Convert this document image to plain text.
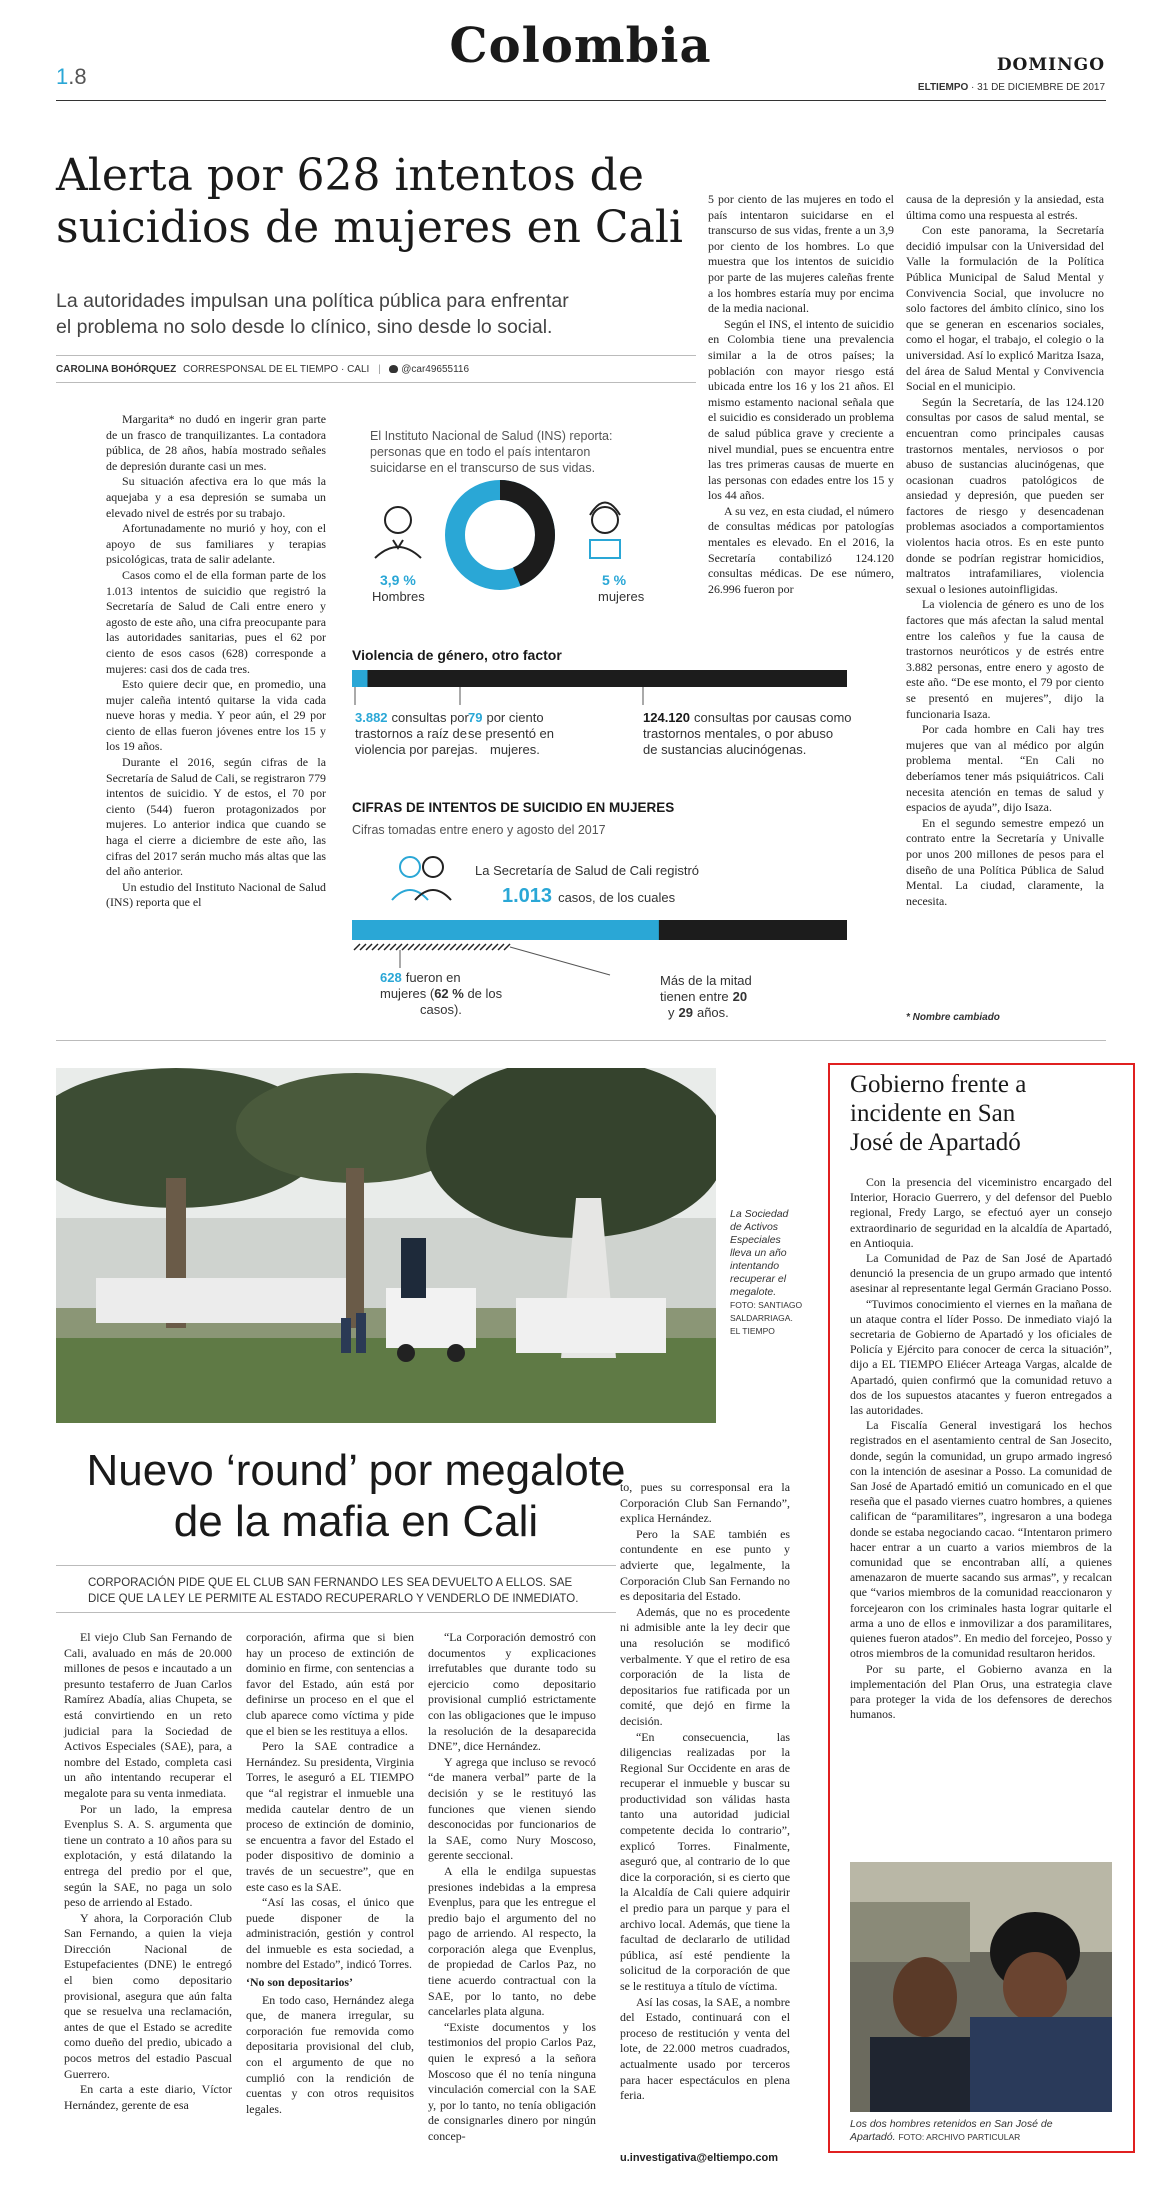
1.8
Colombia	DOMINGO
ELTIEMPO · 31 DE DICIEMBRE DE 2017
Alerta por 628 intentos de
suicidios de mujeres en Cali
La autoridades impulsan una política pública para enfrentar
el problema no solo desde lo clínico, sino desde lo social.
CAROLINA BOHÓRQUEZ CORRESPONSAL DE EL TIEMPO · CALI | @car49655116

Margarita* no dudó en ingerir gran parte de un frasco de tranquilizantes. La contadora pública, de 28 años, había mostrado señales de depresión durante casi un mes.

Su situación afectiva era lo que más la aquejaba y a esa depresión se sumaba un elevado nivel de estrés por su trabajo.

Afortunadamente no murió y hoy, con el apoyo de sus familiares y terapias psicológicas, trata de salir adelante.

Casos como el de ella forman parte de los 1.013 intentos de suicidio que registró la Secretaría de Salud de Cali entre enero y agosto de este año, una cifra preocupante para las autoridades sanitarias, pues el 62 por ciento de esos casos (628) corresponde a mujeres: casi dos de cada tres.

Esto quiere decir que, en promedio, una mujer caleña intentó quitarse la vida cada nueve horas y media. Y peor aún, el 29 por ciento de ellas fueron jóvenes entre los 15 y los 19 años.

Durante el 2016, según cifras de la Secretaría de Salud de Cali, se registraron 779 intentos de suicidio. Y de estos, el 70 por ciento (544) fueron protagonizados por mujeres. Lo anterior indica que cuando se haga el cierre a diciembre de este año, las cifras del 2017 serán mucho más altas que las del año anterior.

Un estudio del Instituto Nacional de Salud (INS) reporta que el

5 por ciento de las mujeres en todo el país intentaron suicidarse en el transcurso de sus vidas, frente a un 3,9 por ciento de los hombres. Lo que muestra que los intentos de suicidio por parte de las mujeres caleñas frente a los hombres estaría muy por encima de la media nacional.

Según el INS, el intento de suicidio en Colombia tiene una prevalencia similar a la de otros países; la población con mayor riesgo está ubicada entre los 16 y los 21 años. El mismo estamento nacional señala que el suicidio es considerado un problema de salud pública grave y creciente a nivel mundial, pues se encuentra entre las tres primeras causas de muerte en las personas con edades entre los 15 y los 44 años.

A su vez, en esta ciudad, el número de consultas médicas por patologías mentales es elevado. En el 2016, la Secretaría contabilizó 124.120 consultas médicas. De ese número, 26.996 fueron por

causa de la depresión y la ansiedad, esta última como una respuesta al estrés.

Con este panorama, la Secretaría decidió impulsar con la Universidad del Valle la formulación de la Política Pública Municipal de Salud Mental y Convivencia Social, que involucre no solo factores del ámbito clínico, sino los que se generan en escenarios sociales, como el hogar, el trabajo, el colegio o la universidad. Así lo explicó Maritza Isaza, del área de Salud Mental y Convivencia Social en el municipio.

Según la Secretaría, de las 124.120 consultas por casos de salud mental, se encuentran como principales causas trastornos mentales, nerviosos o por abuso de sustancias alucinógenas, que ocasionan cuadros patológicos de ansiedad y depresión, que pueden ser factores de riesgo y desencadenan problemas asociados a comportamientos violentos hacia otros. Es en este punto donde se podrían registrar homicidios, maltratos intrafamiliares, violencia sexual o lesiones autoinfligidas.

La violencia de género es uno de los factores que más afectan la salud mental entre los caleños y fue la causa de trastornos neuróticos y de estrés entre 3.882 personas, entre enero y agosto de este año. “De ese monto, el 79 por ciento se presentó en mujeres”, dijo la funcionaria Isaza.

Por cada hombre en Cali hay tres mujeres que van al médico por algún problema mental. “En Cali no deberíamos tener más psiquiátricos. Cali necesita atención en temas de salud y espacios de ayuda”, dijo Isaza.

En el segundo semestre empezó un contrato entre la Secretaría y Univalle por unos 200 millones de pesos para el diseño de una Política Pública de Salud Mental. La ciudad, claramente, la necesita.

* Nombre cambiado
El Instituto Nacional de Salud (INS) reporta:
personas que en todo el país intentaron
suicidarse en el transcurso de sus vidas.
3,9 %
Hombres
5 %
mujeres
Violencia de género, otro factor
3.882 consultas por
trastornos a raíz de
violencia por parejas.
79 por ciento
se presentó en
mujeres.
124.120 consultas por causas como
trastornos mentales, o por abuso
de sustancias alucinógenas.
CIFRAS DE INTENTOS DE SUICIDIO EN MUJERES
Cifras tomadas entre enero y agosto del 2017
La Secretaría de Salud de Cali registró
1.013 casos, de los cuales
628 fueron en
mujeres (62 % de los
casos).
Más de la mitad
tienen entre 20
y 29 años.
La Sociedad
de Activos
Especiales
lleva un año
intentando
recuperar el
megalote.
FOTO: SANTIAGO
SALDARRIAGA.
EL TIEMPO
Nuevo ‘round’ por megalote
de la mafia en Cali
CORPORACIÓN PIDE QUE EL CLUB SAN FERNANDO LES SEA DEVUELTO A ELLOS. SAE
DICE QUE LA LEY LE PERMITE AL ESTADO RECUPERARLO Y VENDERLO DE INMEDIATO.

El viejo Club San Fernando de Cali, avaluado en más de 20.000 millones de pesos e incautado a un presunto testaferro de Juan Carlos Ramírez Abadía, alias Chupeta, se está convirtiendo en un reto judicial para la Sociedad de Activos Especiales (SAE), para, a nombre del Estado, completa casi un año intentando recuperar el megalote para su venta inmediata.

Por un lado, la empresa Evenplus S. A. S. argumenta que tiene un contrato a 10 años para su explotación, y está dilatando la entrega del predio por el que, según la SAE, no paga un solo peso de arriendo al Estado.

Y ahora, la Corporación Club San Fernando, a quien la vieja Dirección Nacional de Estupefacientes (DNE) le entregó el bien como depositario provisional, asegura que aún falta que se resuelva una reclamación, antes de que el Estado se acredite como dueño del predio, ubicado a pocos metros del estadio Pascual Guerrero.

En carta a este diario, Víctor Hernández, gerente de esa

corporación, afirma que si bien hay un proceso de extinción de dominio en firme, con sentencias a favor del Estado, aún está por definirse un proceso en el que el club aparece como víctima y pide que el bien se les restituya a ellos.

Pero la SAE contradice a Hernández. Su presidenta, Virginia Torres, le aseguró a EL TIEMPO que “al registrar el inmueble una medida cautelar dentro de un proceso de extinción de dominio, se encuentra a favor del Estado el poder dispositivo de dominio a través de un secuestre”, que en este caso es la SAE.

“Así las cosas, el único que puede disponer de la administración, gestión y control del inmueble es esta sociedad, a nombre del Estado”, indicó Torres.

‘No son depositarios’

En todo caso, Hernández alega que, de manera irregular, su corporación fue removida como depositaria provisional del club, con el argumento de que no cumplió con la rendición de cuentas y con otros requisitos legales.

“La Corporación demostró con documentos y explicaciones irrefutables que durante todo su ejercicio como depositario provisional cumplió estrictamente con las obligaciones que le impuso la resolución de la desaparecida DNE”, dice Hernández.

Y agrega que incluso se revocó “de manera verbal” parte de la decisión y se le restituyó las funciones que vienen siendo desconocidas por funcionarios de la SAE, como Nury Moscoso, gerente seccional.

A ella le endilga supuestas presiones indebidas a la empresa Evenplus, para que les entregue el predio bajo el argumento del no pago de arriendo. Al respecto, la corporación alega que Evenplus, de propiedad de Carlos Paz, no tiene acuerdo contractual con la SAE, por lo tanto, no debe cancelarles plata alguna.

“Existe documentos y los testimonios del propio Carlos Paz, quien le expresó a la señora Moscoso que él no tenía ninguna vinculación comercial con la SAE y, por lo tanto, no tenía obligación de consignarles dinero por ningún concep-

to, pues su corresponsal era la Corporación Club San Fernando”, explica Hernández.

Pero la SAE también es contundente en ese punto y advierte que, legalmente, la Corporación Club San Fernando no es depositaria del Estado.

Además, que no es procedente ni admisible ante la ley decir que una resolución se modificó verbalmente. Y que el retiro de esa corporación de la lista de depositarios fue ratificada por un comité, que dejó en firme la decisión.

“En consecuencia, las diligencias realizadas por la Regional Sur Occidente en aras de recuperar el inmueble y buscar su productividad son válidas hasta tanto una autoridad judicial competente decida lo contrario”, explicó Torres. Finalmente, aseguró que, al contrario de lo que dice la corporación, si es cierto que la Alcaldía de Cali quiere adquirir el predio para un parque y para el archivo local. Además, que tiene la facultad de declararlo de utilidad pública, así esté pendiente la solicitud de la corporación de que se le restituya a título de víctima.

Así las cosas, la SAE, a nombre del Estado, continuará con el proceso de restitución y venta del lote, de 22.000 metros cuadrados, actualmente usado por terceros para hacer espectáculos en plena feria.

u.investigativa@eltiempo.com
Gobierno frente a
incidente en San
José de Apartadó

Con la presencia del viceministro encargado del Interior, Horacio Guerrero, y del defensor del Pueblo regional, Fredy Largo, se efectuó ayer un consejo extraordinario de seguridad en la alcaldía de Apartadó, en Antioquia.

La Comunidad de Paz de San José de Apartadó denunció la presencia de un grupo armado que intentó asesinar al representante legal Germán Graciano Posso.

“Tuvimos conocimiento el viernes en la mañana de un ataque contra el líder Posso. De inmediato viajó la secretaria de Gobierno de Apartadó y los oficiales de Policía y Ejército para conocer de cerca la situación”, dijo a EL TIEMPO Eliécer Arteaga Vargas, alcalde de Apartadó, quien confirmó que la comunidad retuvo a dos de los supuestos atacantes y fueron entregados a las autoridades.

La Fiscalía General investigará los hechos registrados en el asentamiento central de San Josecito, donde, según la comunidad, un grupo armado ingresó con la intención de asesinar a Posso. La comunidad de San José de Apartadó emitió un comunicado en el que reseña que el pasado viernes cuatro hombres, a quienes califican de “paramilitares”, ingresaron a una bodega donde se estaba negociando cacao. “Intentaron primero hacer entrar a un cuarto a varios miembros de la comunidad que se encontraban allí, a quienes amenazaron de muerte sacando sus armas”, y recalcan que “varios miembros de la comunidad reaccionaron y forcejearon con los criminales hasta lograr quitarle el arma a uno de ellos e inmovilizar a dos paramilitares, quienes fueron atados”. En medio del forcejeo, Posso y otros miembros de la comunidad resultaron heridos.

Por su parte, el Gobierno avanza en la implementación del Plan Orus, una estrategia clave para proteger la vida de los defensores de derechos humanos.

Los dos hombres retenidos en San José de
Apartadó. FOTO: ARCHIVO PARTICULAR
